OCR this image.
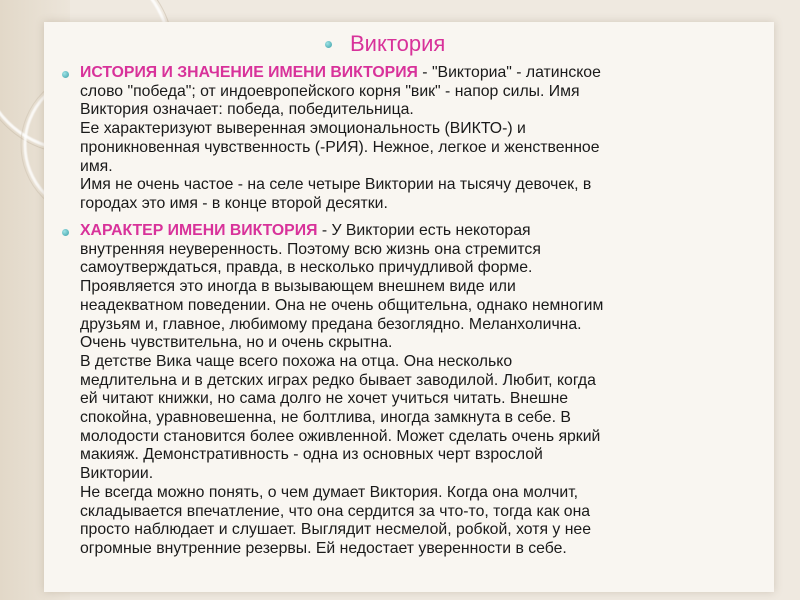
Виктория
ИСТОРИЯ И ЗНАЧЕНИЕ ИМЕНИ ВИКТОРИЯ - "Викториа" - латинское
слово "победа"; от индоевропейского корня "вик" - напор силы. Имя
Виктория означает: победа, победительница.
Ее характеризуют выверенная эмоциональность (ВИКТО-) и
проникновенная чувственность (-РИЯ). Нежное, легкое и женственное
имя.
Имя не очень частое - на селе четыре Виктории на тысячу девочек, в
городах это имя - в конце второй десятки.
ХАРАКТЕР ИМЕНИ ВИКТОРИЯ - У Виктории есть некоторая
внутренняя неуверенность. Поэтому всю жизнь она стремится
самоутверждаться, правда, в несколько причудливой форме.
Проявляется это иногда в вызывающем внешнем виде или
неадекватном поведении. Она не очень общительна, однако немногим
друзьям и, главное, любимому предана безоглядно. Меланхолична.
Очень чувствительна, но и очень скрытна.
В детстве Вика чаще всего похожа на отца. Она несколько
медлительна и в детских играх редко бывает заводилой. Любит, когда
ей читают книжки, но сама долго не хочет учиться читать. Внешне
спокойна, уравновешенна, не болтлива, иногда замкнута в себе. В
молодости становится более оживленной. Может сделать очень яркий
макияж. Демонстративность - одна из основных черт взрослой
Виктории.
Не всегда можно понять, о чем думает Виктория. Когда она молчит,
складывается впечатление, что она сердится за что-то, тогда как она
просто наблюдает и слушает. Выглядит несмелой, робкой, хотя у нее
огромные внутренние резервы. Ей недостает уверенности в себе.
